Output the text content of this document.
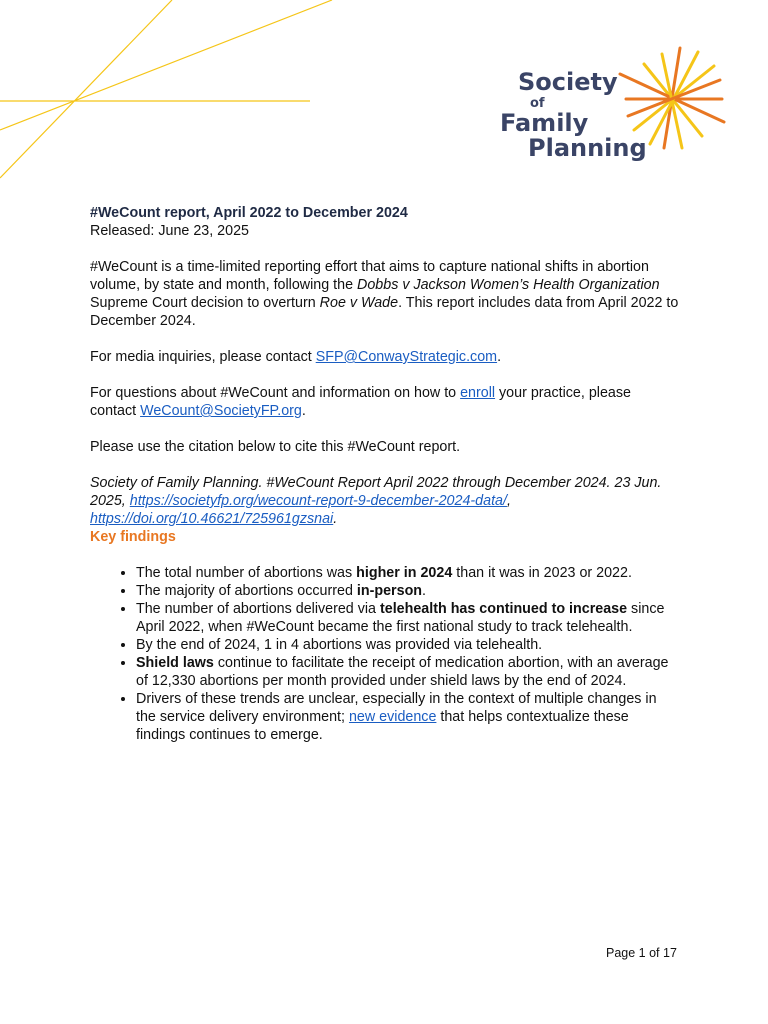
Society
of
Family
Planning

#WeCount report, April 2022 to December 2024

Released: June 23, 2025

#WeCount is a time-limited reporting effort that aims to capture national shifts in abortion volume, by state and month, following the Dobbs v Jackson Women’s Health Organization Supreme Court decision to overturn Roe v Wade. This report includes data from April 2022 to December 2024.

For media inquiries, please contact SFP@ConwayStrategic.com.

For questions about #WeCount and information on how to enroll your practice, please contact WeCount@SocietyFP.org.

Please use the citation below to cite this #WeCount report.

Society of Family Planning. #WeCount Report April 2022 through December 2024. 23 Jun. 2025, https://societyfp.org/wecount-report-9-december-2024-data/, https://doi.org/10.46621/725961gzsnai.

Key findings

• The total number of abortions was higher in 2024 than it was in 2023 or 2022.
• The majority of abortions occurred in-person.
• The number of abortions delivered via telehealth has continued to increase since April 2022, when #WeCount became the first national study to track telehealth.
• By the end of 2024, 1 in 4 abortions was provided via telehealth.
• Shield laws continue to facilitate the receipt of medication abortion, with an average of 12,330 abortions per month provided under shield laws by the end of 2024.
• Drivers of these trends are unclear, especially in the context of multiple changes in the service delivery environment; new evidence that helps contextualize these findings continues to emerge.
Page 1 of 17
